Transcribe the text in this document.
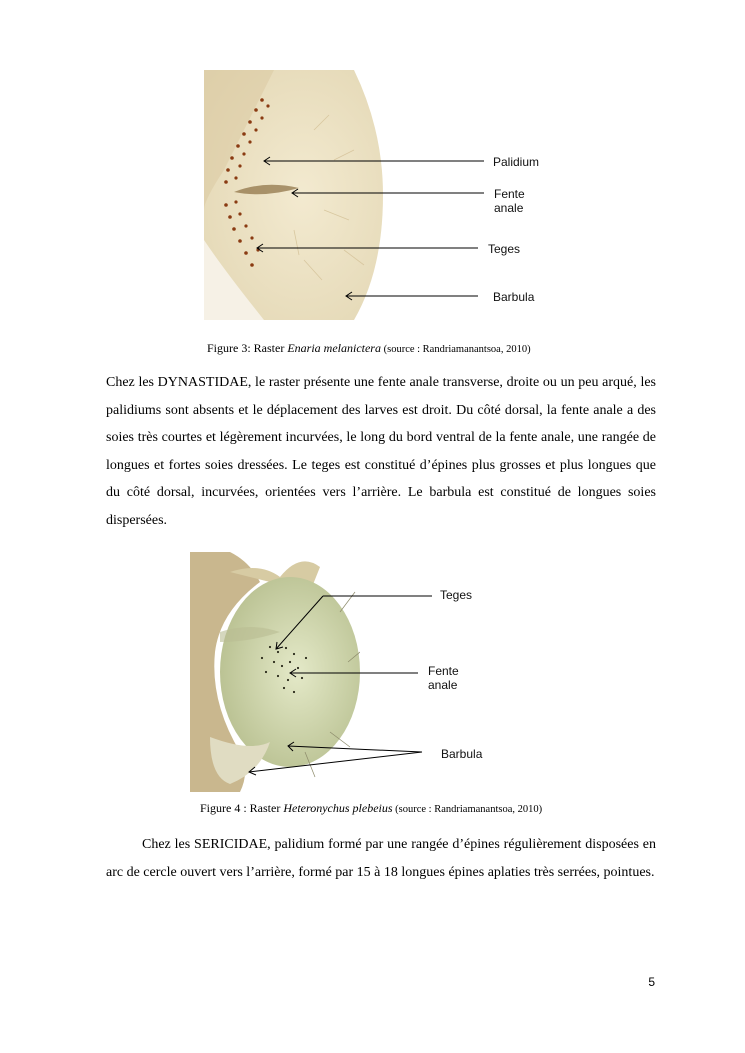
Palidium
Fente anale
Teges
Barbula
Figure 3: Raster Enaria melanictera (source : Randriamanantsoa, 2010)

Chez les DYNASTIDAE, le raster présente une fente anale transverse, droite ou un peu arqué, les palidiums sont absents et le déplacement des larves est droit. Du côté dorsal, la fente anale a des soies très courtes et légèrement incurvées, le long du bord ventral de la fente anale, une rangée de longues et fortes soies dressées. Le teges est constitué d’épines plus grosses et plus longues que du côté dorsal, incurvées, orientées vers l’arrière. Le barbula est constitué de longues soies dispersées.

Teges
Fente anale
Barbula
Figure 4 : Raster Heteronychus plebeius (source : Randriamanantsoa, 2010)

Chez les SERICIDAE, palidium formé par une rangée d’épines régulièrement disposées en arc de cercle ouvert vers l’arrière, formé par 15 à 18 longues épines aplaties très serrées, pointues.

5
